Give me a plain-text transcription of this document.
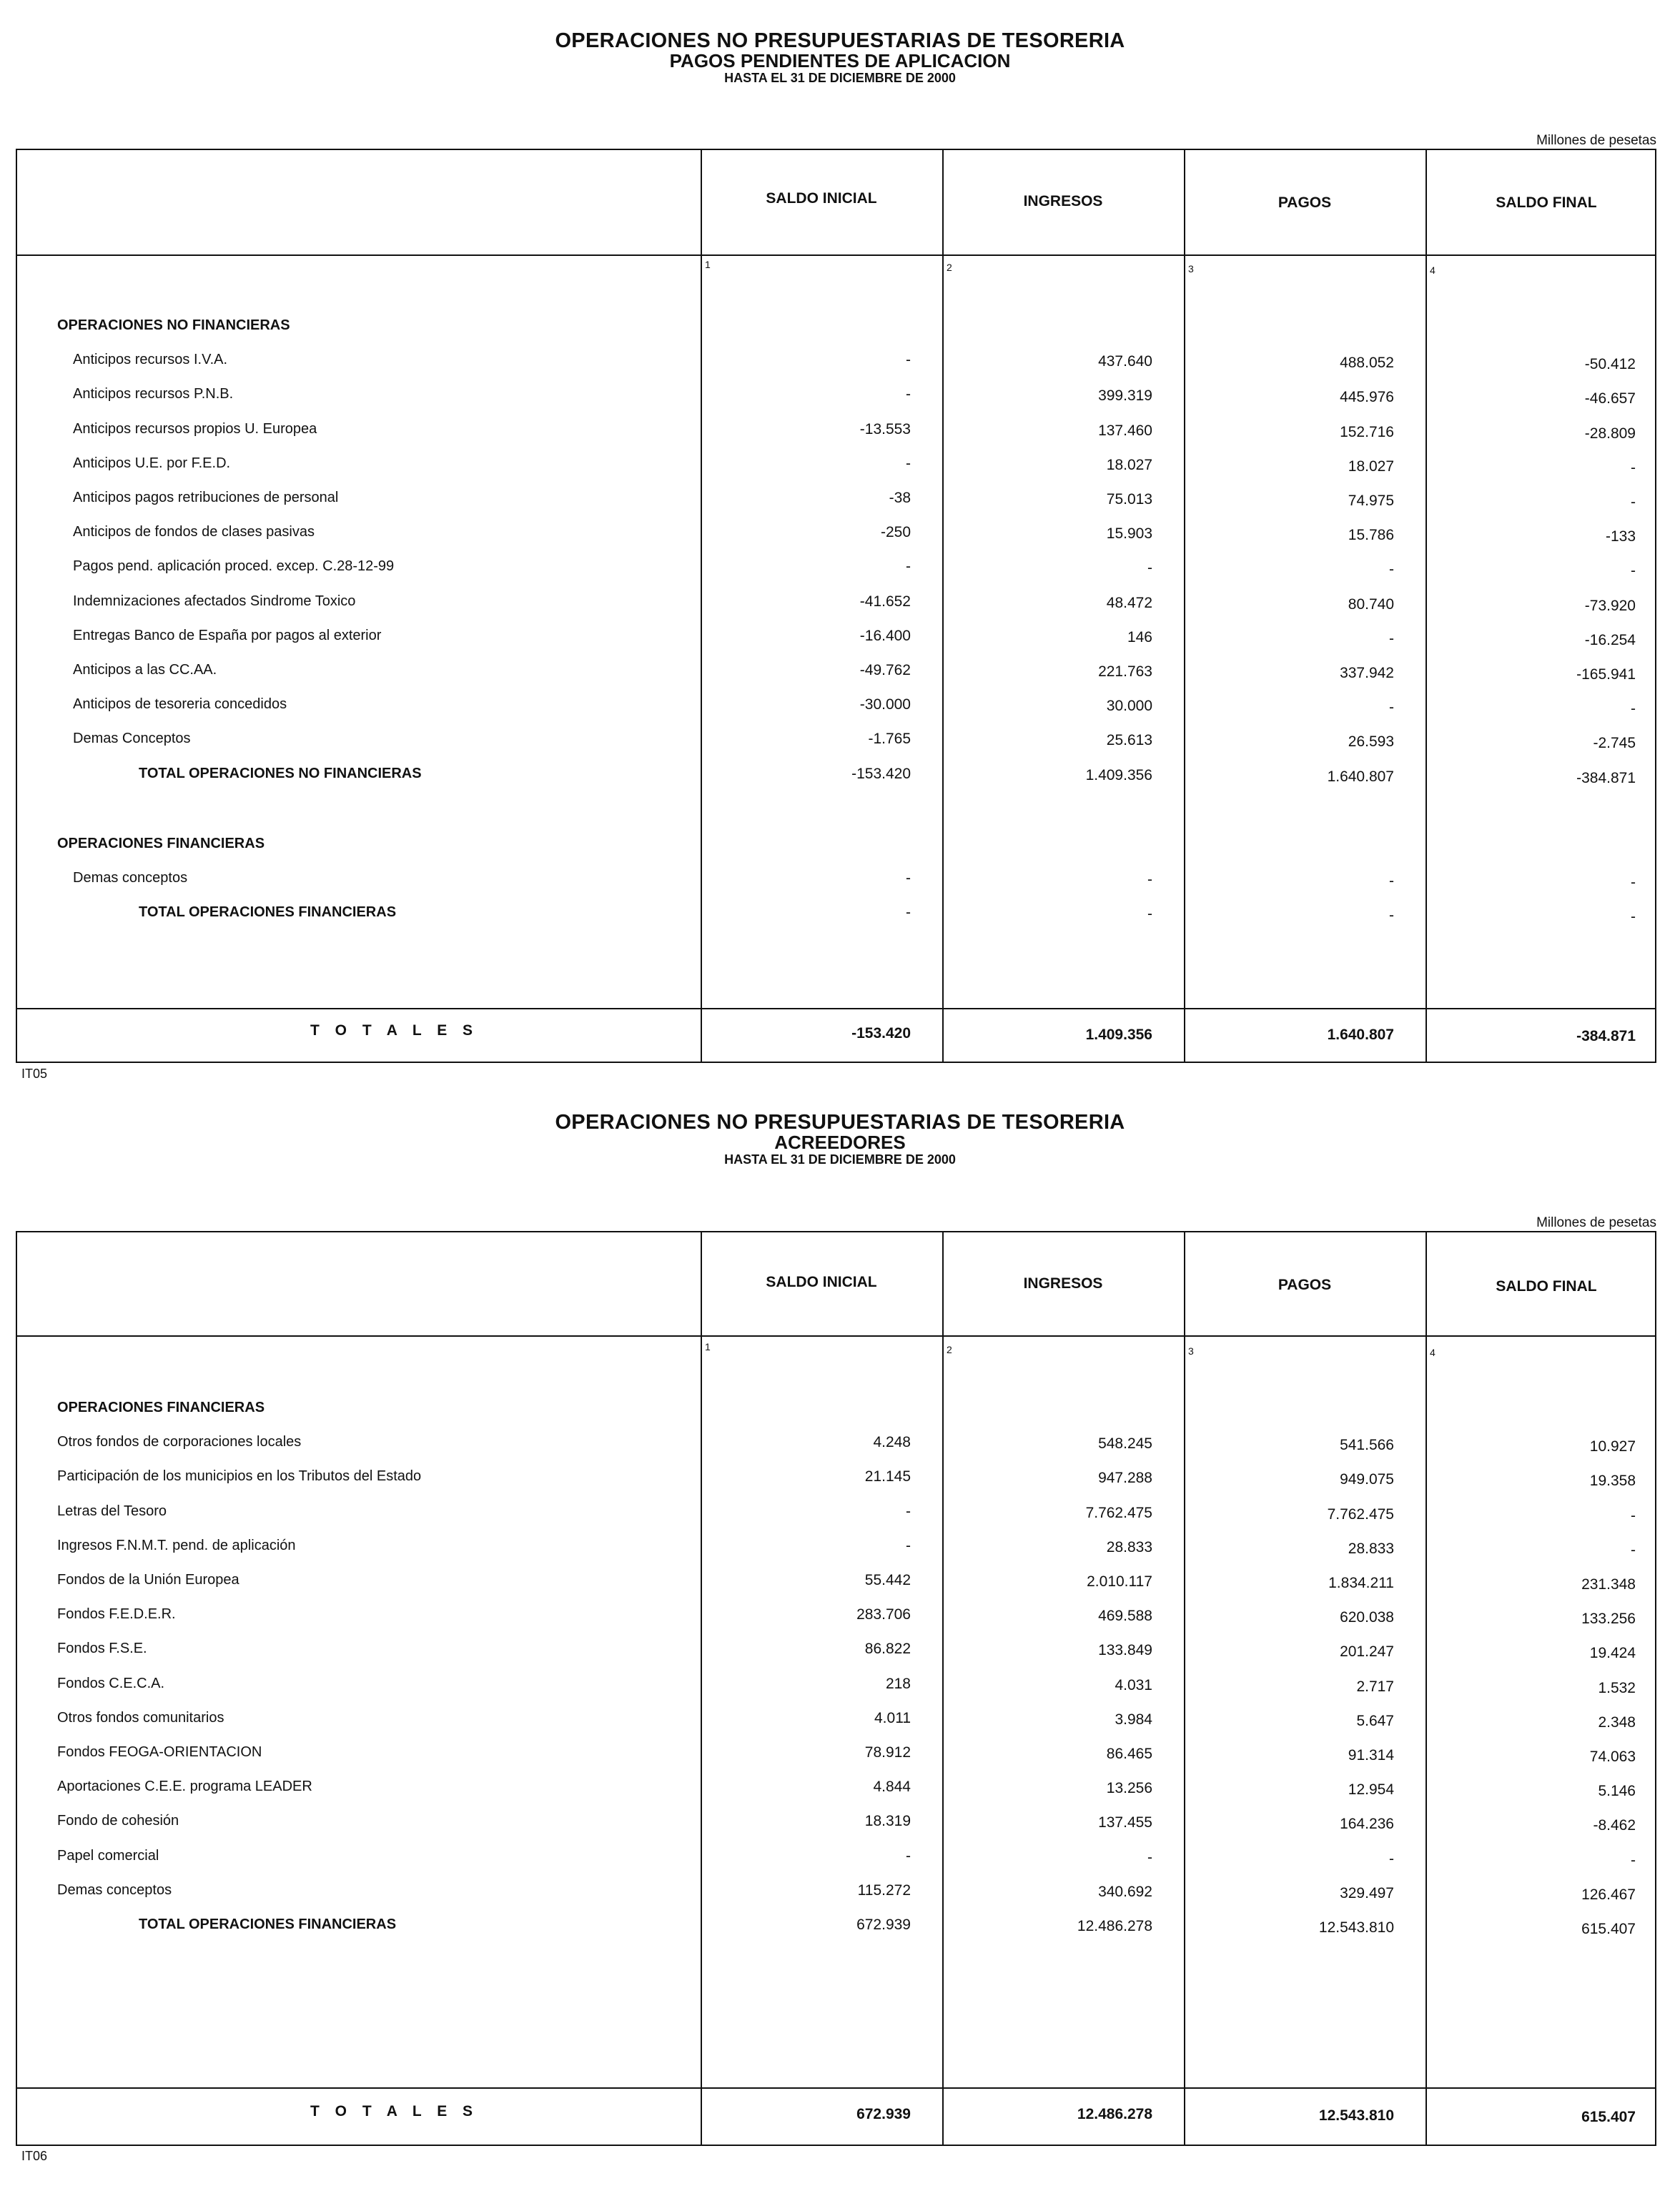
OPERACIONES NO PRESUPUESTARIAS DE TESORERIA
PAGOS PENDIENTES DE APLICACION
HASTA EL 31 DE DICIEMBRE DE 2000
Millones de pesetas
SALDO INICIAL	INGRESOS	PAGOS	SALDO FINAL
1	2	3	4
OPERACIONES NO FINANCIERAS
Anticipos recursos I.V.A.	-	437.640	488.052	-50.412
Anticipos recursos P.N.B.	-	399.319	445.976	-46.657
Anticipos recursos propios U. Europea	-13.553	137.460	152.716	-28.809
Anticipos U.E. por F.E.D.	-	18.027	18.027	-
Anticipos pagos retribuciones de personal	-38	75.013	74.975	-
Anticipos de fondos de clases pasivas	-250	15.903	15.786	-133
Pagos pend. aplicación proced. excep. C.28-12-99	-	-	-	-
Indemnizaciones afectados Sindrome Toxico	-41.652	48.472	80.740	-73.920
Entregas Banco de España por pagos al exterior	-16.400	146	-	-16.254
Anticipos a las CC.AA.	-49.762	221.763	337.942	-165.941
Anticipos de tesoreria concedidos	-30.000	30.000	-	-
Demas Conceptos	-1.765	25.613	26.593	-2.745
TOTAL OPERACIONES NO FINANCIERAS	-153.420	1.409.356	1.640.807	-384.871
OPERACIONES FINANCIERAS
Demas conceptos	-	-	-	-
TOTAL OPERACIONES FINANCIERAS	-	-	-	-
T O T A L E S	-153.420	1.409.356	1.640.807	-384.871
IT05
OPERACIONES NO PRESUPUESTARIAS DE TESORERIA
ACREEDORES
HASTA EL 31 DE DICIEMBRE DE 2000
Millones de pesetas
SALDO INICIAL	INGRESOS	PAGOS	SALDO FINAL
1	2	3	4
OPERACIONES FINANCIERAS
Otros fondos de corporaciones locales	4.248	548.245	541.566	10.927
Participación de los municipios en los Tributos del Estado	21.145	947.288	949.075	19.358
Letras del Tesoro	-	7.762.475	7.762.475	-
Ingresos F.N.M.T. pend. de aplicación	-	28.833	28.833	-
Fondos de la Unión Europea	55.442	2.010.117	1.834.211	231.348
Fondos F.E.D.E.R.	283.706	469.588	620.038	133.256
Fondos F.S.E.	86.822	133.849	201.247	19.424
Fondos C.E.C.A.	218	4.031	2.717	1.532
Otros fondos comunitarios	4.011	3.984	5.647	2.348
Fondos FEOGA-ORIENTACION	78.912	86.465	91.314	74.063
Aportaciones C.E.E. programa LEADER	4.844	13.256	12.954	5.146
Fondo de cohesión	18.319	137.455	164.236	-8.462
Papel comercial	-	-	-	-
Demas conceptos	115.272	340.692	329.497	126.467
TOTAL OPERACIONES FINANCIERAS	672.939	12.486.278	12.543.810	615.407
T O T A L E S	672.939	12.486.278	12.543.810	615.407
IT06
